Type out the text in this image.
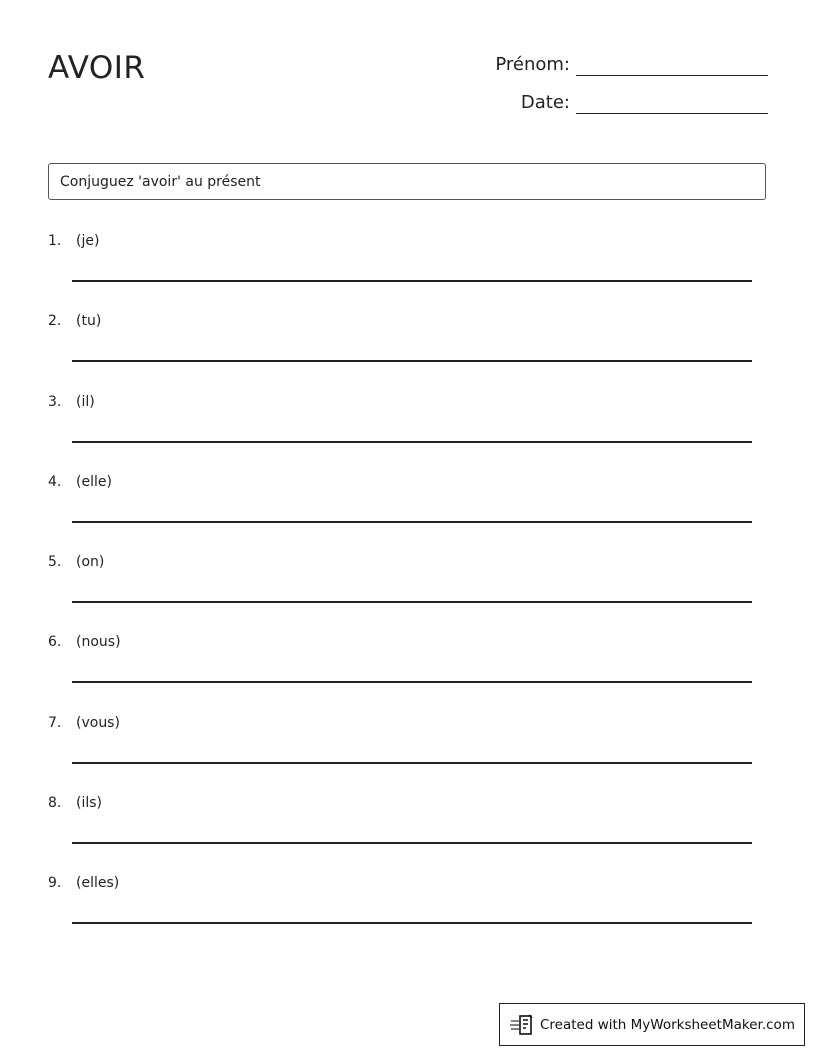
AVOIR	Prénom:
Date:
Conjuguez 'avoir' au présent
1. (je)
2. (tu)
3. (il)
4. (elle)
5. (on)
6. (nous)
7. (vous)
8. (ils)
9. (elles)
Created with MyWorksheetMaker.com
